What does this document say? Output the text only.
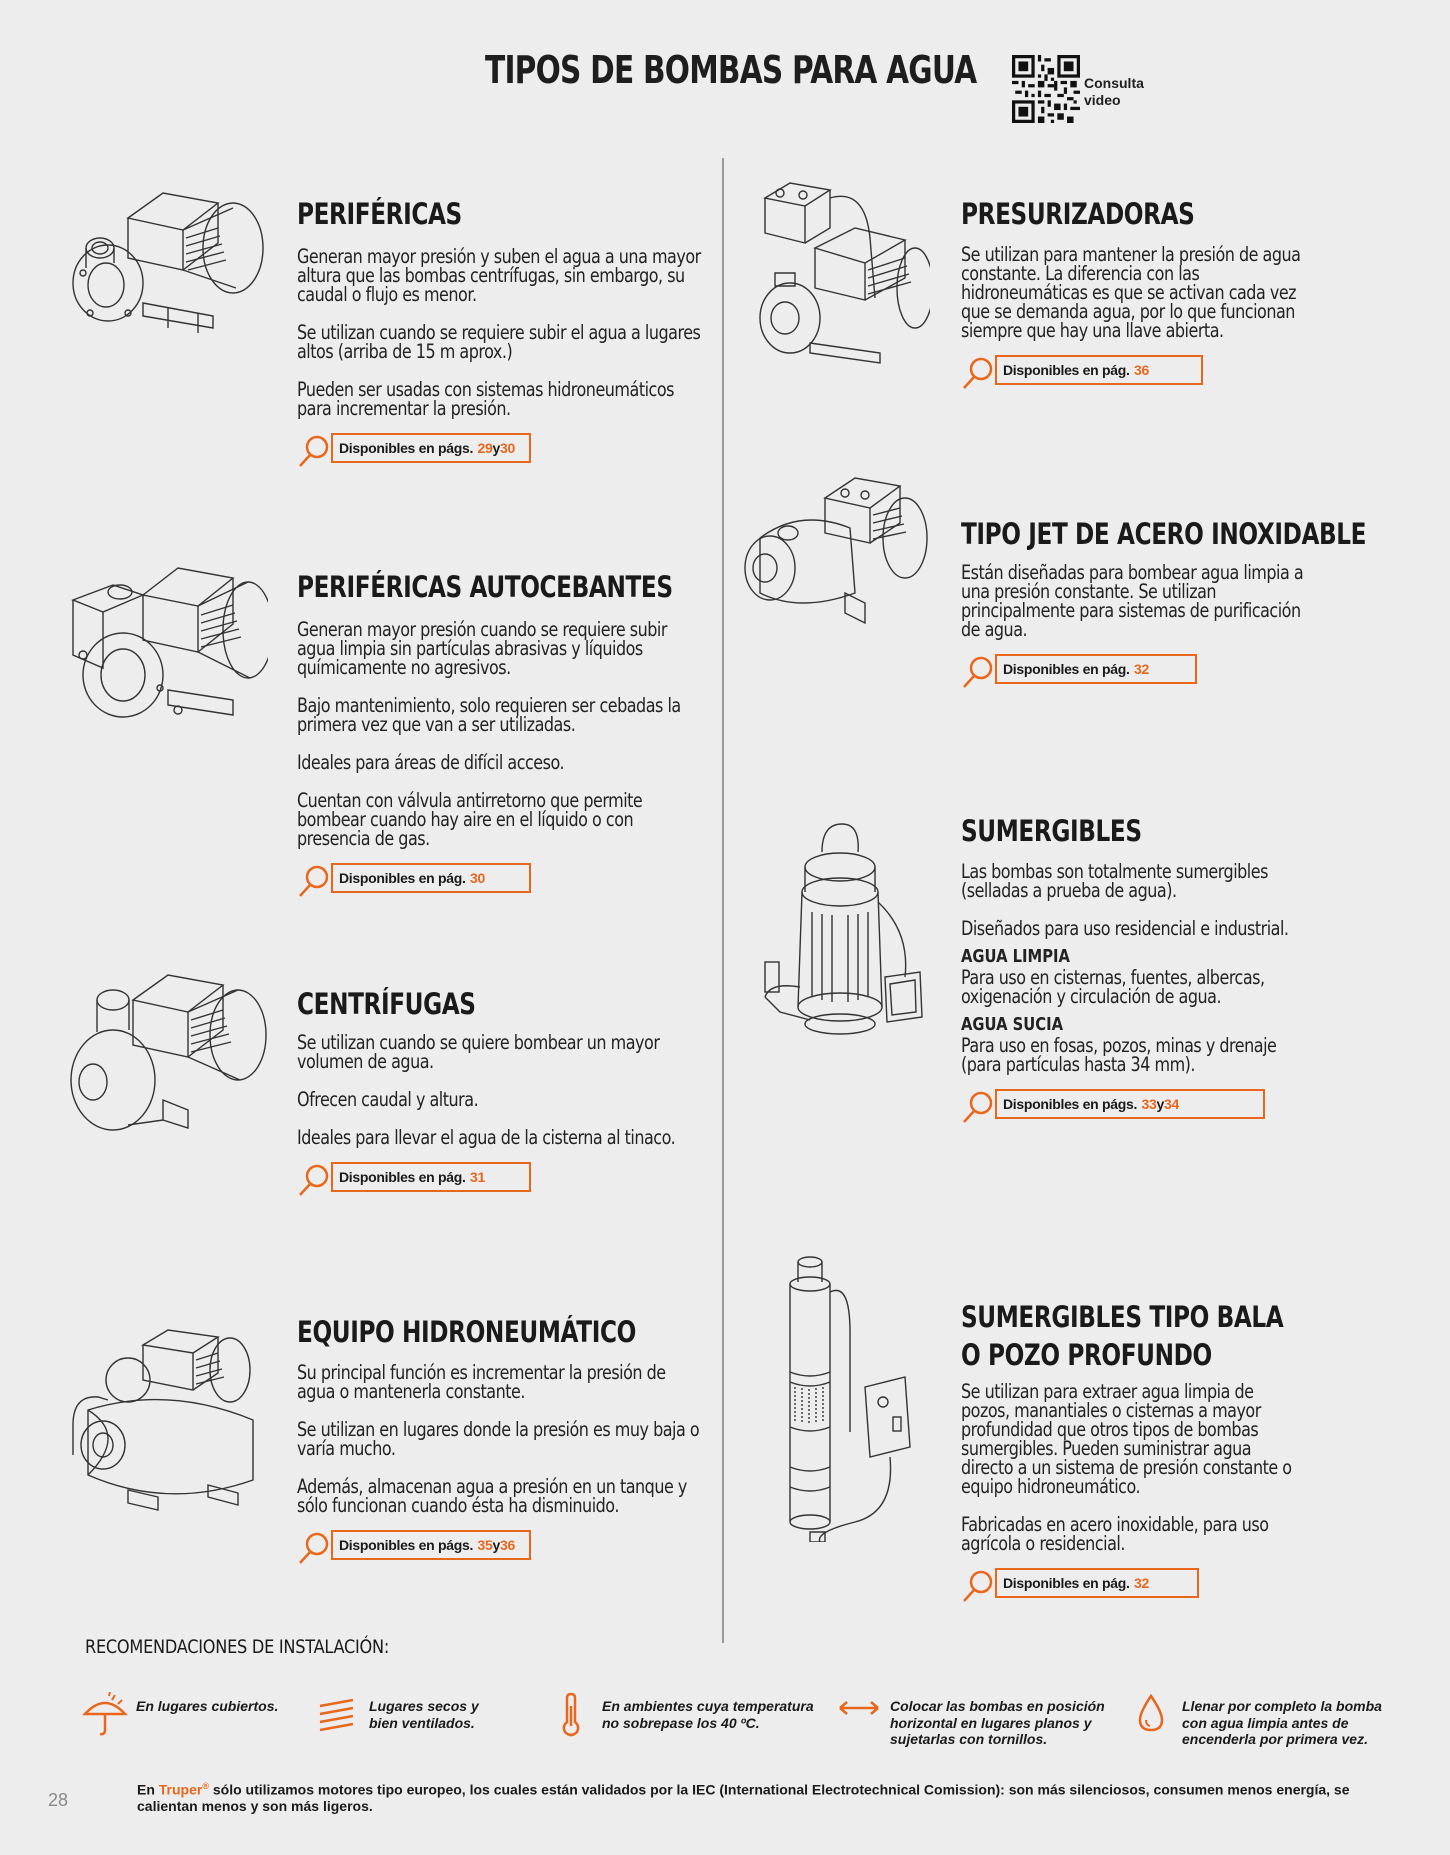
TIPOS DE BOMBAS PARA AGUA	Consulta
video
PERIFÉRICAS

Generan mayor presión y suben el agua a una mayor altura que las bombas centrífugas, sin embargo, su caudal o flujo es menor.

Se utilizan cuando se requiere subir el agua a lugares altos (arriba de 15 m aprox.)

Pueden ser usadas con sistemas hidroneumáticos para incrementar la presión.

Disponibles en págs.
29 y 30
PERIFÉRICAS AUTOCEBANTES

Generan mayor presión cuando se requiere subir agua limpia sin partículas abrasivas y líquidos químicamente no agresivos.

Bajo mantenimiento, solo requieren ser cebadas la primera vez que van a ser utilizadas.

Ideales para áreas de difícil acceso.

Cuentan con válvula antirretorno que permite bombear cuando hay aire en el líquido o con presencia de gas.

Disponibles en pág.
30
CENTRÍFUGAS

Se utilizan cuando se quiere bombear un mayor volumen de agua.

Ofrecen caudal y altura.

Ideales para llevar el agua de la cisterna al tinaco.

Disponibles en pág.
31
EQUIPO HIDRONEUMÁTICO

Su principal función es incrementar la presión de agua o mantenerla constante.

Se utilizan en lugares donde la presión es muy baja o varía mucho.

Además, almacenan agua a presión en un tanque y sólo funcionan cuando ésta ha disminuido.

Disponibles en págs.
35 y 36
PRESURIZADORAS

Se utilizan para mantener la presión de agua constante. La diferencia con las hidroneumáticas es que se activan cada vez que se demanda agua, por lo que funcionan siempre que hay una llave abierta.

Disponibles en pág.
36
TIPO JET DE ACERO INOXIDABLE

Están diseñadas para bombear agua limpia a una presión constante. Se utilizan principalmente para sistemas de purificación de agua.

Disponibles en pág.
32
SUMERGIBLES

Las bombas son totalmente sumergibles (selladas a prueba de agua).

Diseñados para uso residencial e industrial.

AGUA LIMPIA

Para uso en cisternas, fuentes, albercas, oxigenación y circulación de agua.

AGUA SUCIA

Para uso en fosas, pozos, minas y drenaje (para partículas hasta 34 mm).

Disponibles en págs.
33 y 34
SUMERGIBLES TIPO BALA
O POZO PROFUNDO

Se utilizan para extraer agua limpia de pozos, manantiales o cisternas a mayor profundidad que otros tipos de bombas sumergibles. Pueden suministrar agua directo a un sistema de presión constante o equipo hidroneumático.

Fabricadas en acero inoxidable, para uso agrícola o residencial.

Disponibles en pág.
32
RECOMENDACIONES DE INSTALACIÓN:
En lugares cubiertos.	Lugares secos y
bien ventilados.
En ambientes cuya temperatura
no sobrepase los 40 ºC.
Colocar las bombas en posición
horizontal en lugares planos y
sujetarlas con tornillos.
Llenar por completo la bomba
con agua limpia antes de
encenderla por primera vez.
28
En Truper® sólo utilizamos motores tipo europeo, los cuales están validados por la IEC (International Electrotechnical Comission): son más silenciosos, consumen menos energía, se calientan menos y son más ligeros.
